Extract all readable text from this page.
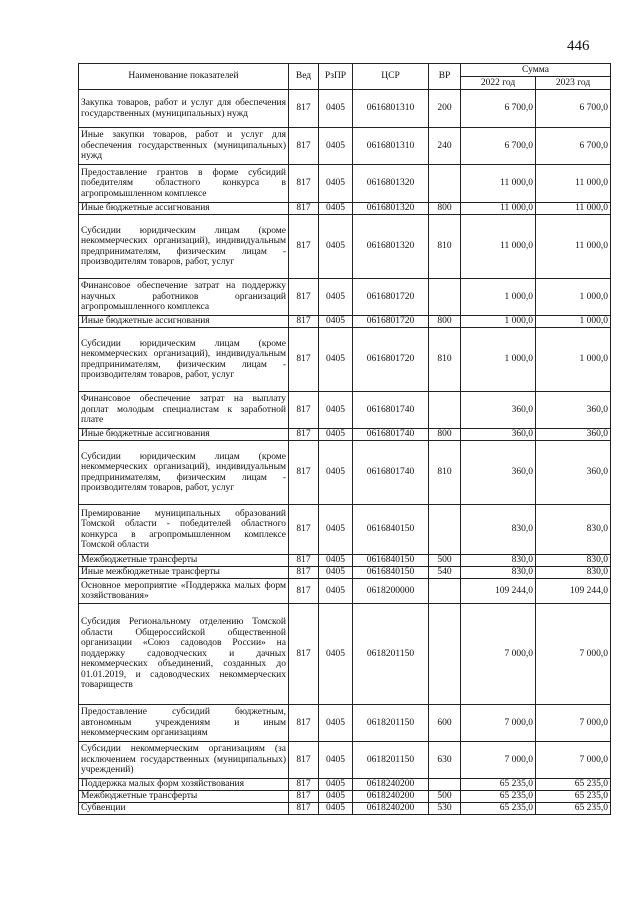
446
Наименование показателей	Вед	РзПР	ЦСР	ВР	Сумма	
					2022 год	2023 год
Закупка товаров, работ и услуг для обеспечения государственных (муниципальных) нужд	817	0405	0616801310	200	6 700,0	6 700,0
Иные закупки товаров, работ и услуг для обеспечения государственных (муниципальных) нужд	817	0405	0616801310	240	6 700,0	6 700,0
Предоставление грантов в форме субсидий победителям областного конкурса в агропромышленном комплексе	817	0405	0616801320		11 000,0	11 000,0
Иные бюджетные ассигнования	817	0405	0616801320	800	11 000,0	11 000,0
Субсидии юридическим лицам (кроме некоммерческих организаций), индивидуальным предпринимателям, физическим лицам - производителям товаров, работ, услуг	817	0405	0616801320	810	11 000,0	11 000,0
Финансовое обеспечение затрат на поддержку научных работников организаций агропромышленного комплекса	817	0405	0616801720		1 000,0	1 000,0
Иные бюджетные ассигнования	817	0405	0616801720	800	1 000,0	1 000,0
Субсидии юридическим лицам (кроме некоммерческих организаций), индивидуальным предпринимателям, физическим лицам - производителям товаров, работ, услуг	817	0405	0616801720	810	1 000,0	1 000,0
Финансовое обеспечение затрат на выплату доплат молодым специалистам к заработной плате	817	0405	0616801740		360,0	360,0
Иные бюджетные ассигнования	817	0405	0616801740	800	360,0	360,0
Субсидии юридическим лицам (кроме некоммерческих организаций), индивидуальным предпринимателям, физическим лицам - производителям товаров, работ, услуг	817	0405	0616801740	810	360,0	360,0
Премирование муниципальных образований Томской области - победителей областного конкурса в агропромышленном комплексе Томской области	817	0405	0616840150		830,0	830,0
Межбюджетные трансферты	817	0405	0616840150	500	830,0	830,0
Иные межбюджетные трансферты	817	0405	0616840150	540	830,0	830,0
Основное мероприятие «Поддержка малых форм хозяйствования»	817	0405	0618200000		109 244,0	109 244,0
Субсидия Региональному отделению Томской области Общероссийской общественной организации «Союз садоводов России» на поддержку садоводческих и дачных некоммерческих объединений, созданных до 01.01.2019, и садоводческих некоммерческих товариществ	817	0405	0618201150		7 000,0	7 000,0
Предоставление субсидий бюджетным, автономным учреждениям и иным некоммерческим организациям	817	0405	0618201150	600	7 000,0	7 000,0
Субсидии некоммерческим организациям (за исключением государственных (муниципальных) учреждений)	817	0405	0618201150	630	7 000,0	7 000,0
Поддержка малых форм хозяйствования	817	0405	0618240200		65 235,0	65 235,0
Межбюджетные трансферты	817	0405	0618240200	500	65 235,0	65 235,0
Субвенции	817	0405	0618240200	530	65 235,0	65 235,0
